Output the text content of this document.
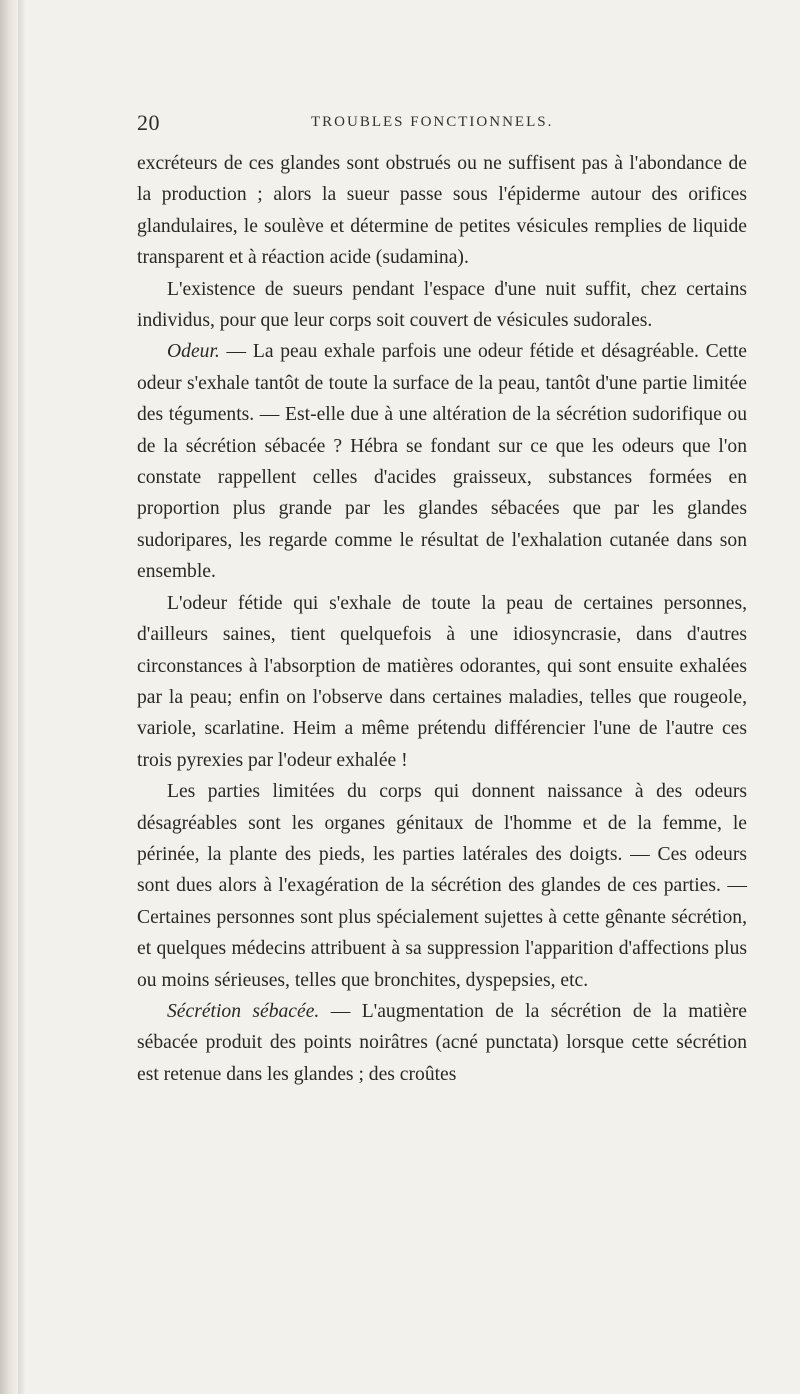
20	TROUBLES FONCTIONNELS.

excréteurs de ces glandes sont obstrués ou ne suffisent pas à l'abondance de la production ; alors la sueur passe sous l'épiderme autour des orifices glandulaires, le soulève et détermine de petites vésicules remplies de liquide transparent et à réaction acide (sudamina).

L'existence de sueurs pendant l'espace d'une nuit suffit, chez certains individus, pour que leur corps soit couvert de vésicules sudorales.

Odeur. — La peau exhale parfois une odeur fétide et désagréable. Cette odeur s'exhale tantôt de toute la surface de la peau, tantôt d'une partie limitée des téguments. — Est-elle due à une altération de la sécrétion sudorifique ou de la sécrétion sébacée ? Hébra se fondant sur ce que les odeurs que l'on constate rappellent celles d'acides graisseux, substances formées en proportion plus grande par les glandes sébacées que par les glandes sudoripares, les regarde comme le résultat de l'exhalation cutanée dans son ensemble.

L'odeur fétide qui s'exhale de toute la peau de certaines personnes, d'ailleurs saines, tient quelquefois à une idiosyncrasie, dans d'autres circonstances à l'absorption de matières odorantes, qui sont ensuite exhalées par la peau; enfin on l'observe dans certaines maladies, telles que rougeole, variole, scarlatine. Heim a même prétendu différencier l'une de l'autre ces trois pyrexies par l'odeur exhalée !

Les parties limitées du corps qui donnent naissance à des odeurs désagréables sont les organes génitaux de l'homme et de la femme, le périnée, la plante des pieds, les parties latérales des doigts. — Ces odeurs sont dues alors à l'exagération de la sécrétion des glandes de ces parties. — Certaines personnes sont plus spécialement sujettes à cette gênante sécrétion, et quelques médecins attribuent à sa suppression l'apparition d'affections plus ou moins sérieuses, telles que bronchites, dyspepsies, etc.

Sécrétion sébacée. — L'augmentation de la sécrétion de la matière sébacée produit des points noirâtres (acné punctata) lorsque cette sécrétion est retenue dans les glandes ; des croûtes
